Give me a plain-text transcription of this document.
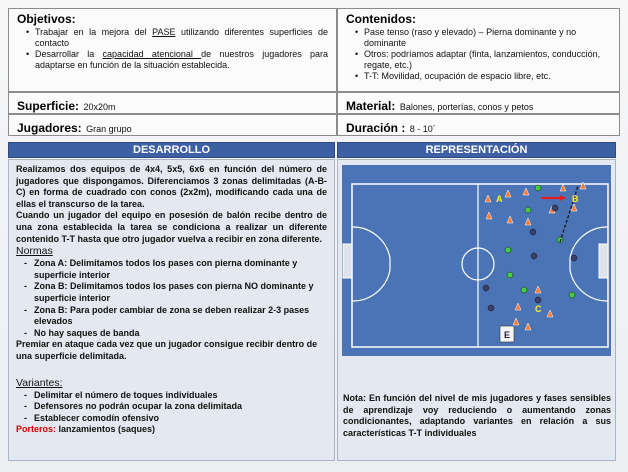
Objetivos:
• Trabajar en la mejora del PASE utilizando diferentes superficies de contacto
• Desarrollar la capacidad atencional de nuestros jugadores para adaptarse en función de la situación establecida.
Contenidos:
• Pase tenso (raso y elevado) – Pierna dominante y no dominante
• Otros: podríamos adaptar (finta, lanzamientos, conducción, regate, etc.)
• T-T: Movilidad, ocupación de espacio libre, etc.
Superficie: 20x20m	Material: Balones, porterías, conos y petos
Jugadores: Gran grupo	Duración : 8 - 10´
DESARROLLO	REPRESENTACIÓN
Realizamos dos equipos de 4x4, 5x5, 6x6 en función del número de jugadores que dispongamos. Diferenciamos 3 zonas delimitadas (A-B-C) en forma de cuadrado con conos (2x2m), modificando cada una de ellas el transcurso de la tarea.
Cuando un jugador del equipo en posesión de balón recibe dentro de una zona establecida la tarea se condiciona a realizar un diferente contenido T-T hasta que otro jugador vuelva a recibir en zona diferente.
Normas
- Zona A: Delimitamos todos los pases con pierna dominante y superficie interior
- Zona B: Delimitamos todos los pases con pierna NO dominante y superficie interior
- Zona B: Para poder cambiar de zona se deben realizar 2-3 pases elevados
- No hay saques de banda
Premiar en ataque cada vez que un jugador consigue recibir dentro de una superficie delimitada.
Variantes:
- Delimitar el número de toques individuales
- Defensores no podrán ocupar la zona delimitada
- Establecer comodín ofensivo
Porteros: lanzamientos (saques)
A	B
C
E
Nota: En función del nivel de mis jugadores y fases sensibles de aprendizaje voy reduciendo o aumentando zonas condicionantes, adaptando variantes en relación a sus características T-T individuales
